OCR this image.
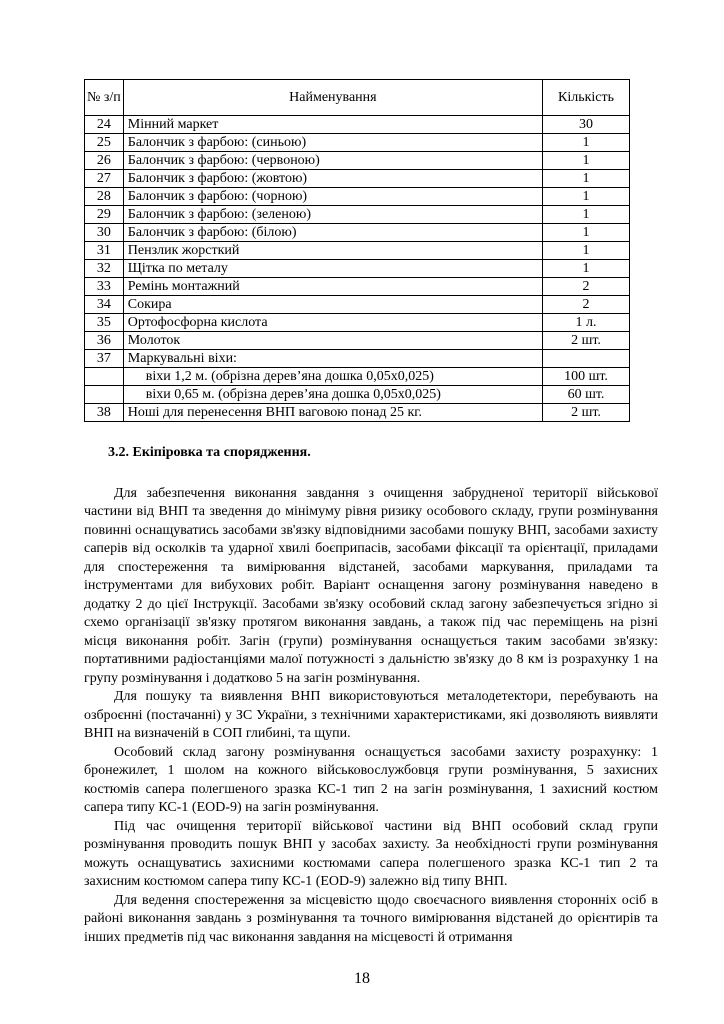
№ з/п	Найменування	Кількість
24	Мінний маркет	30
25	Балончик з фарбою: (синьою)	1
26	Балончик з фарбою: (червоною)	1
27	Балончик з фарбою: (жовтою)	1
28	Балончик з фарбою: (чорною)	1
29	Балончик з фарбою: (зеленою)	1
30	Балончик з фарбою: (білою)	1
31	Пензлик жорсткий	1
32	Щітка по металу	1
33	Ремінь монтажний	2
34	Сокира	2
35	Ортофосфорна кислота	1 л.
36	Молоток	2 шт.
37	Маркувальні віхи:	
	віхи 1,2 м. (обрізна дерев’яна дошка 0,05х0,025)	100 шт.
	віхи 0,65 м. (обрізна дерев’яна дошка 0,05х0,025)	60 шт.
38	Ноші для перенесення ВНП ваговою понад 25 кг.	2 шт.
3.2. Екіпіровка та спорядження.

Для забезпечення виконання завдання з очищення забрудненої території військової частини від ВНП та зведення до мінімуму рівня ризику особового складу, групи розмінування повинні оснащуватись засобами зв'язку відповідними засобами пошуку ВНП, засобами захисту саперів від осколків та ударної хвилі боєприпасів, засобами фіксації та орієнтації, приладами для спостереження та вимірювання відстаней, засобами маркування, приладами та інструментами для вибухових робіт. Варіант оснащення загону розмінування наведено в додатку 2 до цієї Інструкції. Засобами зв'язку особовий склад загону забезпечується згідно зі схемо організації зв'язку протягом виконання завдань, а також під час переміщень на різні місця виконання робіт. Загін (групи) розмінування оснащується таким засобами зв'язку: портативними радіостанціями малої потужності з дальністю зв'язку до 8 км із розрахунку 1 на групу розмінування і додатково 5 на загін розмінування.

Для пошуку та виявлення ВНП використовуються металодетектори, перебувають на озброєнні (постачанні) у ЗС України, з технічними характеристиками, які дозволяють виявляти ВНП на визначеній в СОП глибині, та щупи.

Особовий склад загону розмінування оснащується засобами захисту розрахунку: 1 бронежилет, 1 шолом на кожного військовослужбовця групи розмінування, 5 захисних костюмів сапера полегшеного зразка КС-1 тип 2 на загін розмінування, 1 захисний костюм сапера типу КС-1 (EOD-9) на загін розмінування.

Під час очищення території військової частини від ВНП особовий склад групи розмінування проводить пошук ВНП у засобах захисту. За необхідності групи розмінування можуть оснащуватись захисними костюмами сапера полегшеного зразка КС-1 тип 2 та захисним костюмом сапера типу КС-1 (EOD-9) залежно від типу ВНП.

Для ведення спостереження за місцевістю щодо своєчасного виявлення сторонніх осіб в районі виконання завдань з розмінування та точного вимірювання відстаней до орієнтирів та інших предметів під час виконання завдання на місцевості й отримання

18
